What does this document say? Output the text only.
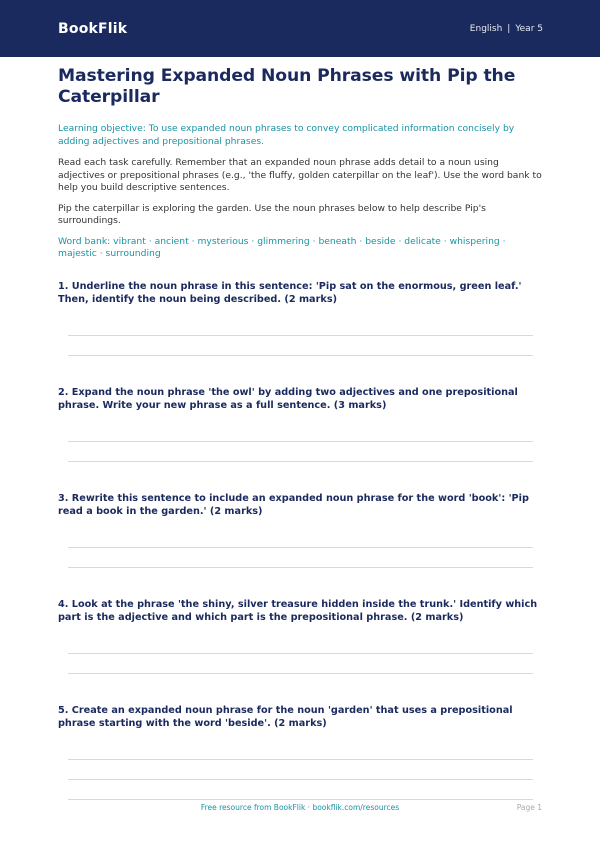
BookFlik	English | Year 5
Mastering Expanded Noun Phrases with Pip the Caterpillar

Learning objective: To use expanded noun phrases to convey complicated information concisely by adding adjectives and prepositional phrases.

Read each task carefully. Remember that an expanded noun phrase adds detail to a noun using adjectives or prepositional phrases (e.g., 'the fluffy, golden caterpillar on the leaf'). Use the word bank to help you build descriptive sentences.

Pip the caterpillar is exploring the garden. Use the noun phrases below to help describe Pip's surroundings.

Word bank: vibrant · ancient · mysterious · glimmering · beneath · beside · delicate · whispering · majestic · surrounding

1. Underline the noun phrase in this sentence: 'Pip sat on the enormous, green leaf.' Then, identify the noun being described. (2 marks)

2. Expand the noun phrase 'the owl' by adding two adjectives and one prepositional phrase. Write your new phrase as a full sentence. (3 marks)

3. Rewrite this sentence to include an expanded noun phrase for the word 'book': 'Pip read a book in the garden.' (2 marks)

4. Look at the phrase 'the shiny, silver treasure hidden inside the trunk.' Identify which part is the adjective and which part is the prepositional phrase. (2 marks)

5. Create an expanded noun phrase for the noun 'garden' that uses a prepositional phrase starting with the word 'beside'. (2 marks)

Free resource from BookFlik · bookflik.com/resources	Page 1
